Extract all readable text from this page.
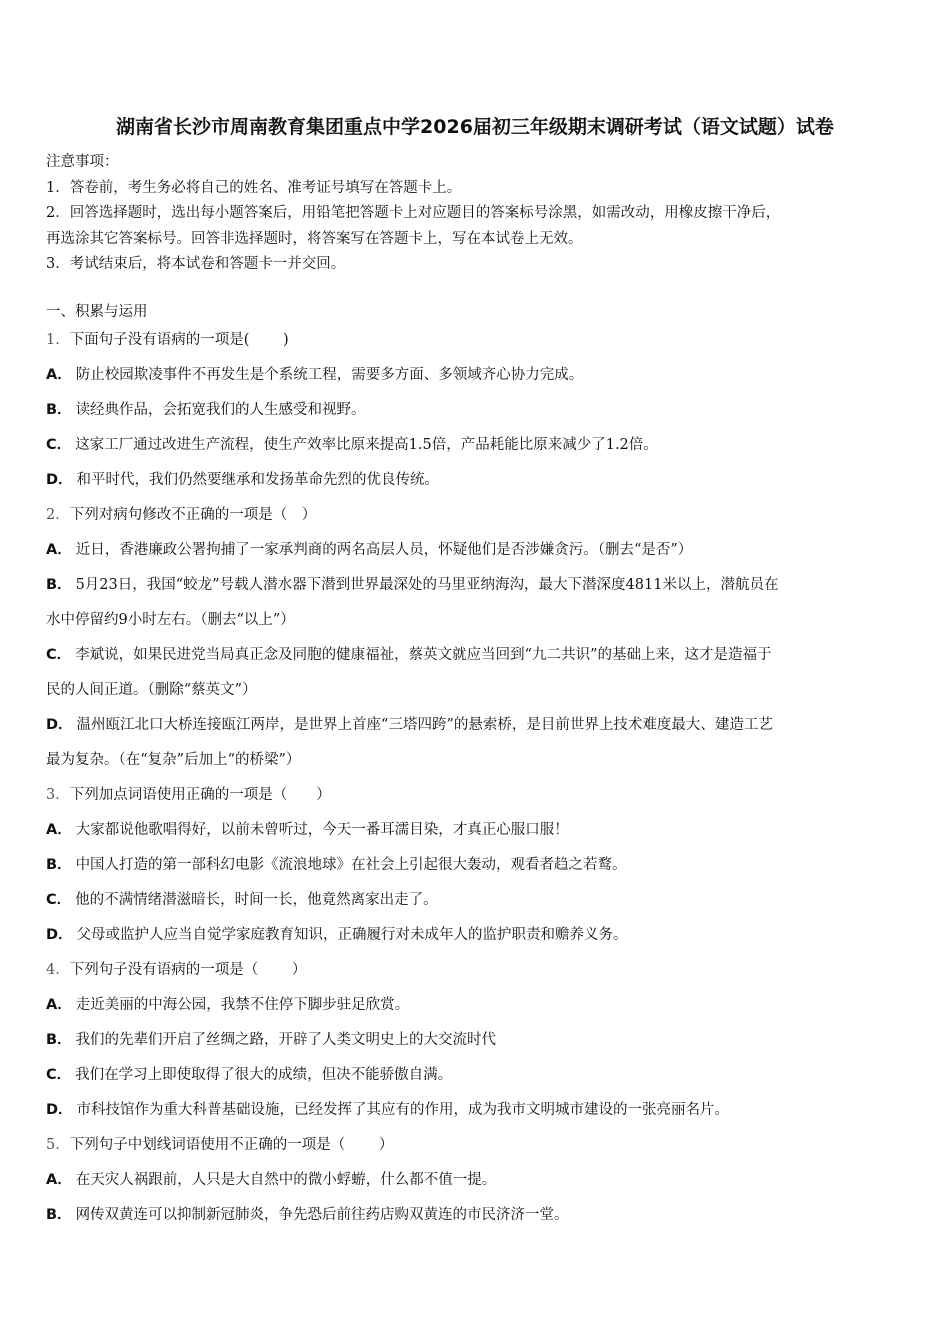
湖南省长沙市周南教育集团重点中学2026届初三年级期末调研考试（语文试题）试卷

注意事项：

1．答卷前，考生务必将自己的姓名、准考证号填写在答题卡上。

2．回答选择题时，选出每小题答案后，用铅笔把答题卡上对应题目的答案标号涂黑，如需改动，用橡皮擦干净后，

再选涂其它答案标号。回答非选择题时，将答案写在答题卡上，写在本试卷上无效。

3．考试结束后，将本试卷和答题卡一并交回。

一、积累与运用

1．下面句子没有语病的一项是(　　 )

A． 防止校园欺凌事件不再发生是个系统工程，需要多方面、多领域齐心协力完成。

B． 读经典作品，会拓宽我们的人生感受和视野。

C． 这家工厂通过改进生产流程，使生产效率比原来提高1.5倍，产品耗能比原来减少了1.2倍。

D． 和平时代，我们仍然要继承和发扬革命先烈的优良传统。

2．下列对病句修改不正确的一项是（　）

A． 近日，香港廉政公署拘捕了一家承判商的两名高层人员，怀疑他们是否涉嫌贪污。（删去“是否”）

B． 5月23日，我国“蛟龙”号载人潜水器下潜到世界最深处的马里亚纳海沟，最大下潜深度4811米以上，潜航员在

水中停留约9小时左右。（删去“以上”）

C． 李斌说，如果民进党当局真正念及同胞的健康福祉，蔡英文就应当回到“九二共识”的基础上来，这才是造福于

民的人间正道。（删除“蔡英文”）

D． 温州瓯江北口大桥连接瓯江两岸，是世界上首座“三塔四跨”的悬索桥，是目前世界上技术难度最大、建造工艺

最为复杂。（在“复杂”后加上“的桥梁”）

3．下列加点词语使用正确的一项是（　　）

A． 大家都说他歌唱得好，以前未曾听过，今天一番耳濡目染，才真正心服口服！

B． 中国人打造的第一部科幻电影《流浪地球》在社会上引起很大轰动，观看者趋之若鹜。

C． 他的不满情绪潜滋暗长，时间一长，他竟然离家出走了。

D． 父母或监护人应当自觉学家庭教育知识，正确履行对未成年人的监护职责和赡养义务。

4．下列句子没有语病的一项是（　　 ）

A． 走近美丽的中海公园，我禁不住停下脚步驻足欣赏。

B． 我们的先辈们开启了丝绸之路，开辟了人类文明史上的大交流时代

C． 我们在学习上即使取得了很大的成绩，但决不能骄傲自满。

D． 市科技馆作为重大科普基础设施，已经发挥了其应有的作用，成为我市文明城市建设的一张亮丽名片。

5．下列句子中划线词语使用不正确的一项是（　　 ）

A． 在天灾人祸跟前，人只是大自然中的微小蜉蝣，什么都不值一提。

B． 网传双黄连可以抑制新冠肺炎，争先恐后前往药店购双黄连的市民济济一堂。
